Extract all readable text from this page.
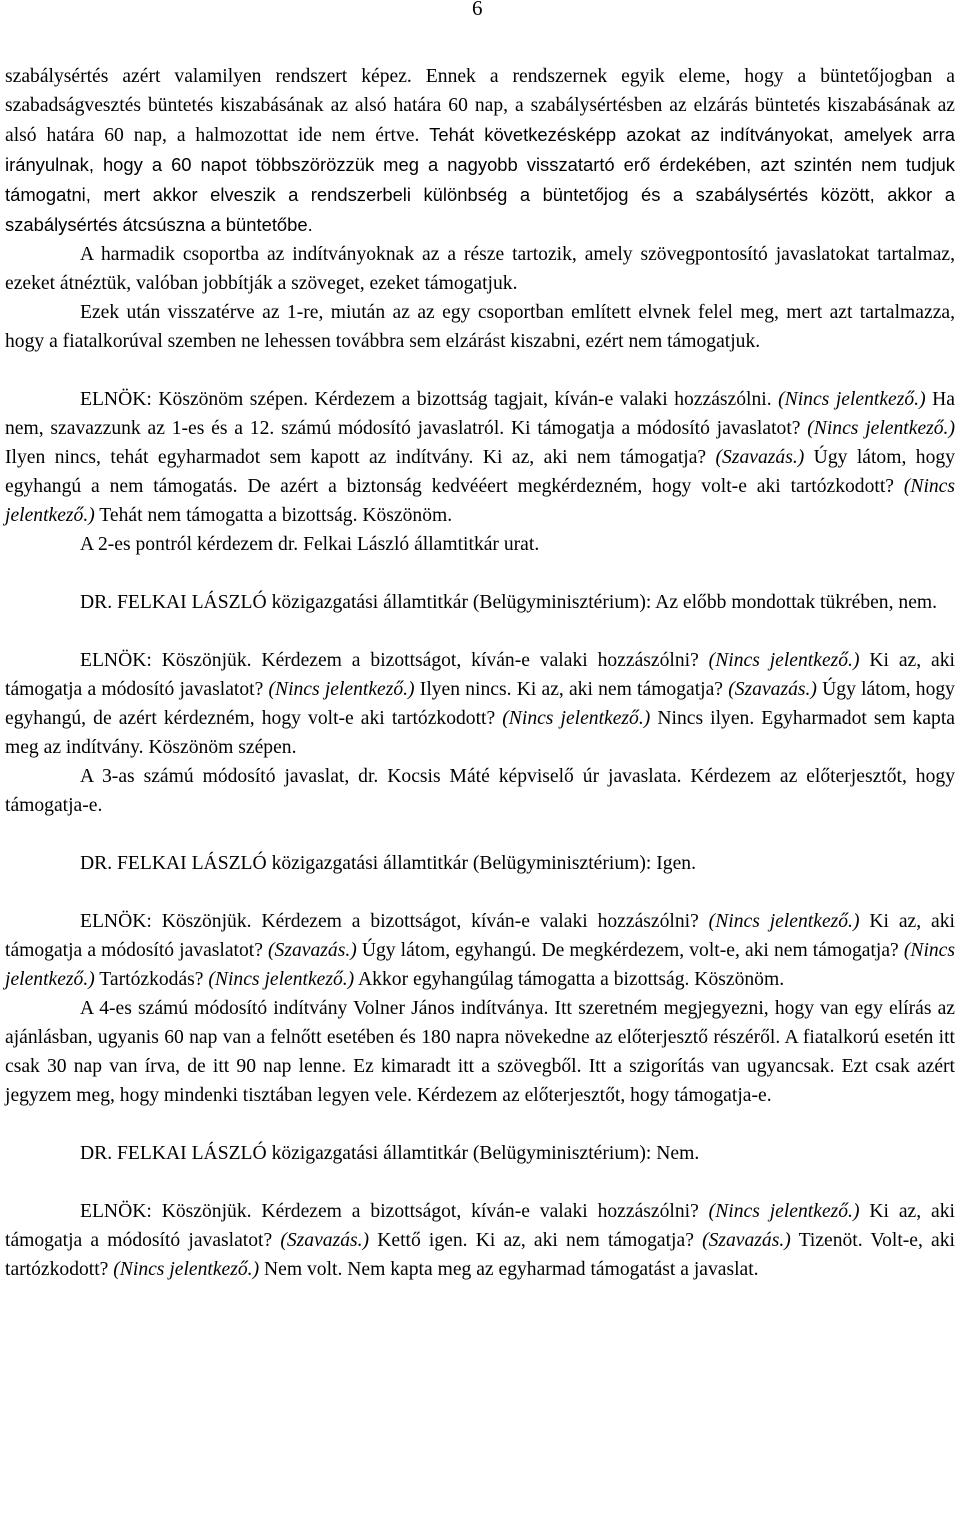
6

szabálysértés azért valamilyen rendszert képez. Ennek a rendszernek egyik eleme, hogy a büntetőjogban a szabadságvesztés büntetés kiszabásának az alsó határa 60 nap, a szabálysértésben az elzárás büntetés kiszabásának az alsó határa 60 nap, a halmozottat ide nem értve. Tehát következésképp azokat az indítványokat, amelyek arra irányulnak, hogy a 60 napot többszörözzük meg a nagyobb visszatartó erő érdekében, azt szintén nem tudjuk támogatni, mert akkor elveszik a rendszerbeli különbség a büntetőjog és a szabálysértés között, akkor a szabálysértés átcsúszna a büntetőbe.

A harmadik csoportba az indítványoknak az a része tartozik, amely szövegpontosító javaslatokat tartalmaz, ezeket átnéztük, valóban jobbítják a szöveget, ezeket támogatjuk.

Ezek után visszatérve az 1-re, miután az az egy csoportban említett elvnek felel meg, mert azt tartalmazza, hogy a fiatalkorúval szemben ne lehessen továbbra sem elzárást kiszabni, ezért nem támogatjuk.

ELNÖK: Köszönöm szépen. Kérdezem a bizottság tagjait, kíván-e valaki hozzászólni. (Nincs jelentkező.) Ha nem, szavazzunk az 1-es és a 12. számú módosító javaslatról. Ki támogatja a módosító javaslatot? (Nincs jelentkező.) Ilyen nincs, tehát egyharmadot sem kapott az indítvány. Ki az, aki nem támogatja? (Szavazás.) Úgy látom, hogy egyhangú a nem támogatás. De azért a biztonság kedvééert megkérdezném, hogy volt-e aki tartózkodott? (Nincs jelentkező.) Tehát nem támogatta a bizottság. Köszönöm.

A 2-es pontról kérdezem dr. Felkai László államtitkár urat.

DR. FELKAI LÁSZLÓ közigazgatási államtitkár (Belügyminisztérium): Az előbb mondottak tükrében, nem.

ELNÖK: Köszönjük. Kérdezem a bizottságot, kíván-e valaki hozzászólni? (Nincs jelentkező.) Ki az, aki támogatja a módosító javaslatot? (Nincs jelentkező.) Ilyen nincs. Ki az, aki nem támogatja? (Szavazás.) Úgy látom, hogy egyhangú, de azért kérdezném, hogy volt-e aki tartózkodott? (Nincs jelentkező.) Nincs ilyen. Egyharmadot sem kapta meg az indítvány. Köszönöm szépen.

A 3-as számú módosító javaslat, dr. Kocsis Máté képviselő úr javaslata. Kérdezem az előterjesztőt, hogy támogatja-e.

DR. FELKAI LÁSZLÓ közigazgatási államtitkár (Belügyminisztérium): Igen.

ELNÖK: Köszönjük. Kérdezem a bizottságot, kíván-e valaki hozzászólni? (Nincs jelentkező.) Ki az, aki támogatja a módosító javaslatot? (Szavazás.) Úgy látom, egyhangú. De megkérdezem, volt-e, aki nem támogatja? (Nincs jelentkező.) Tartózkodás? (Nincs jelentkező.) Akkor egyhangúlag támogatta a bizottság. Köszönöm.

A 4-es számú módosító indítvány Volner János indítványa. Itt szeretném megjegyezni, hogy van egy elírás az ajánlásban, ugyanis 60 nap van a felnőtt esetében és 180 napra növekedne az előterjesztő részéről. A fiatalkorú esetén itt csak 30 nap van írva, de itt 90 nap lenne. Ez kimaradt itt a szövegből. Itt a szigorítás van ugyancsak. Ezt csak azért jegyzem meg, hogy mindenki tisztában legyen vele. Kérdezem az előterjesztőt, hogy támogatja-e.

DR. FELKAI LÁSZLÓ közigazgatási államtitkár (Belügyminisztérium): Nem.

ELNÖK: Köszönjük. Kérdezem a bizottságot, kíván-e valaki hozzászólni? (Nincs jelentkező.) Ki az, aki támogatja a módosító javaslatot? (Szavazás.) Kettő igen. Ki az, aki nem támogatja? (Szavazás.) Tizenöt. Volt-e, aki tartózkodott? (Nincs jelentkező.) Nem volt. Nem kapta meg az egyharmad támogatást a javaslat.
